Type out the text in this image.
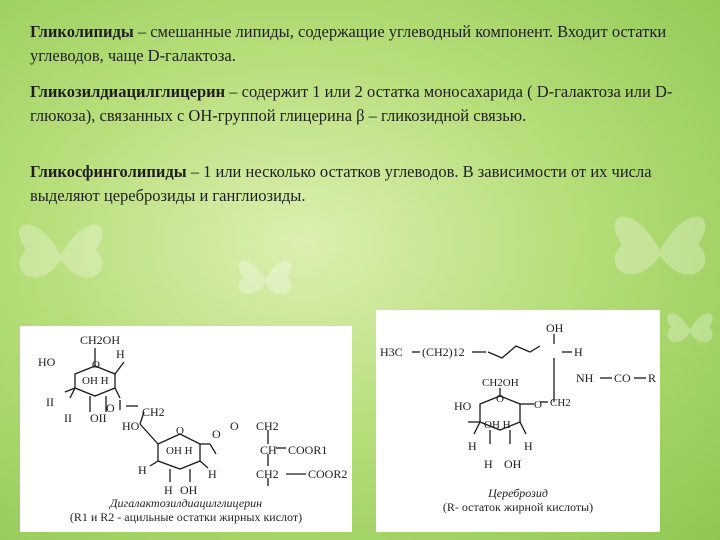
Гликолипиды – смешанные липиды, содержащие углеводный компонент. Входит остатки углеводов, чаще D-галактоза.

Гликозилдиацилглицерин – содержит 1 или 2 остатка моносахарида ( D-галактоза или D-глюкоза), связанных с ОН-группой глицерина β – гликозидной связью.

Гликосфинголипиды – 1 или несколько остатков углеводов. В зависимости от их числа выделяют цереброзиды и ганглиозиды.

CH2OH
HO
H
O
OH H
II
II OII
O CH2
HO	O
OH H
H
H OH
O
H
O CH2
CH COOR1
CH2 COOR2
Дигалактозилдиацилглицерин
(R1 и R2 - ацильные остатки жирных кислот)
H3C (CH2)12
OH
H
NH CO R
CH2OH
HO O	O CH2
OH H
H
H OH
H
Цереброзид
(R- остаток жирной кислоты)
